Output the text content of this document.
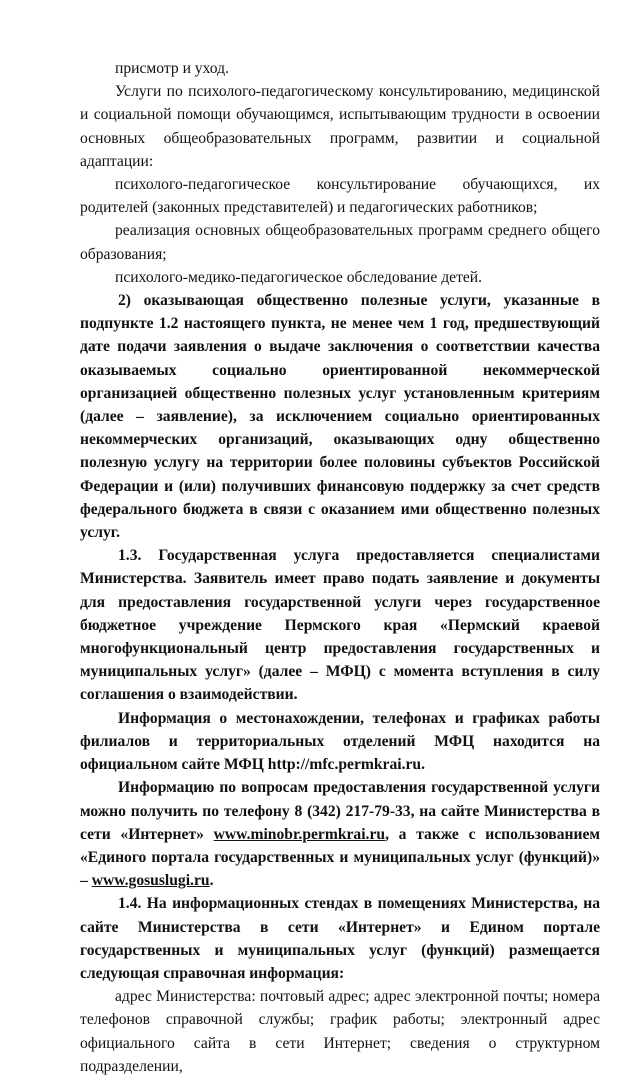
присмотр и уход.

Услуги по психолого-педагогическому консультированию, медицинской и социальной помощи обучающимся, испытывающим трудности в освоении основных общеобразовательных программ, развитии и социальной адаптации:

психолого-педагогическое консультирование обучающихся, их родителей (законных представителей) и педагогических работников;

реализация основных общеобразовательных программ среднего общего образования;

психолого-медико-педагогическое обследование детей.

2) оказывающая общественно полезные услуги, указанные в подпункте 1.2 настоящего пункта, не менее чем 1 год, предшествующий дате подачи заявления о выдаче заключения о соответствии качества оказываемых социально ориентированной некоммерческой организацией общественно полезных услуг установленным критериям (далее – заявление), за исключением социально ориентированных некоммерческих организаций, оказывающих одну общественно полезную услугу на территории более половины субъектов Российской Федерации и (или) получивших финансовую поддержку за счет средств федерального бюджета в связи с оказанием ими общественно полезных услуг.

1.3. Государственная услуга предоставляется специалистами Министерства. Заявитель имеет право подать заявление и документы для предоставления государственной услуги через государственное бюджетное учреждение Пермского края «Пермский краевой многофункциональный центр предоставления государственных и муниципальных услуг» (далее – МФЦ) с момента вступления в силу соглашения о взаимодействии.

Информация о местонахождении, телефонах и графиках работы филиалов и территориальных отделений МФЦ находится на официальном сайте МФЦ http://mfc.permkrai.ru.

Информацию по вопросам предоставления государственной услуги можно получить по телефону 8 (342) 217-79-33, на сайте Министерства в сети «Интернет» www.minobr.permkrai.ru, а также с использованием «Единого портала государственных и муниципальных услуг (функций)» – www.gosuslugi.ru.

1.4. На информационных стендах в помещениях Министерства, на сайте Министерства в сети «Интернет» и Едином портале государственных и муниципальных услуг (функций) размещается следующая справочная информация:

адрес Министерства: почтовый адрес; адрес электронной почты; номера телефонов справочной службы; график работы; электронный адрес официального сайта в сети Интернет; сведения о структурном подразделении,
